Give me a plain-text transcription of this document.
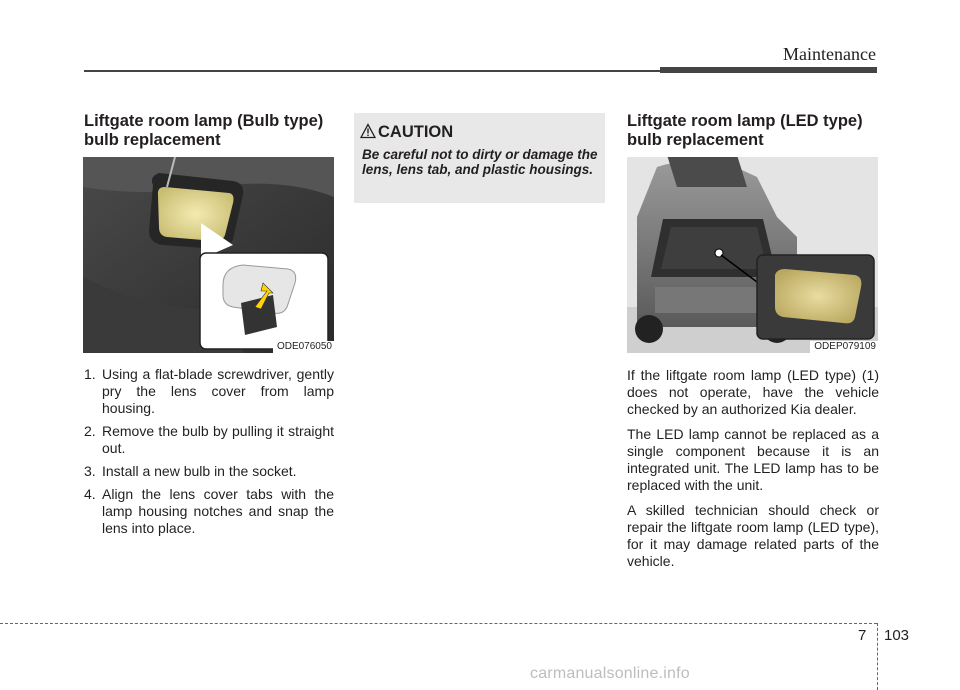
Maintenance
Liftgate room lamp (Bulb type)
bulb replacement
ODE076050
1. Using a flat-blade screwdriver, gently pry the lens cover from lamp housing.
2. Remove the bulb by pulling it straight out.
3. Install a new bulb in the socket.
4. Align the lens cover tabs with the lamp housing notches and snap the lens into place.
CAUTION
Be careful not to dirty or damage the lens, lens tab, and plastic housings.
Liftgate room lamp (LED type)
bulb replacement
ODEP079109

If the liftgate room lamp (LED type) (1) does not operate, have the vehicle checked by an authorized Kia dealer.

The LED lamp cannot be replaced as a single component because it is an integrated unit. The LED lamp has to be replaced with the unit.

A skilled technician should check or repair the liftgate room lamp (LED type), for it may damage related parts of the vehicle.

7 103
carmanualsonline.info
